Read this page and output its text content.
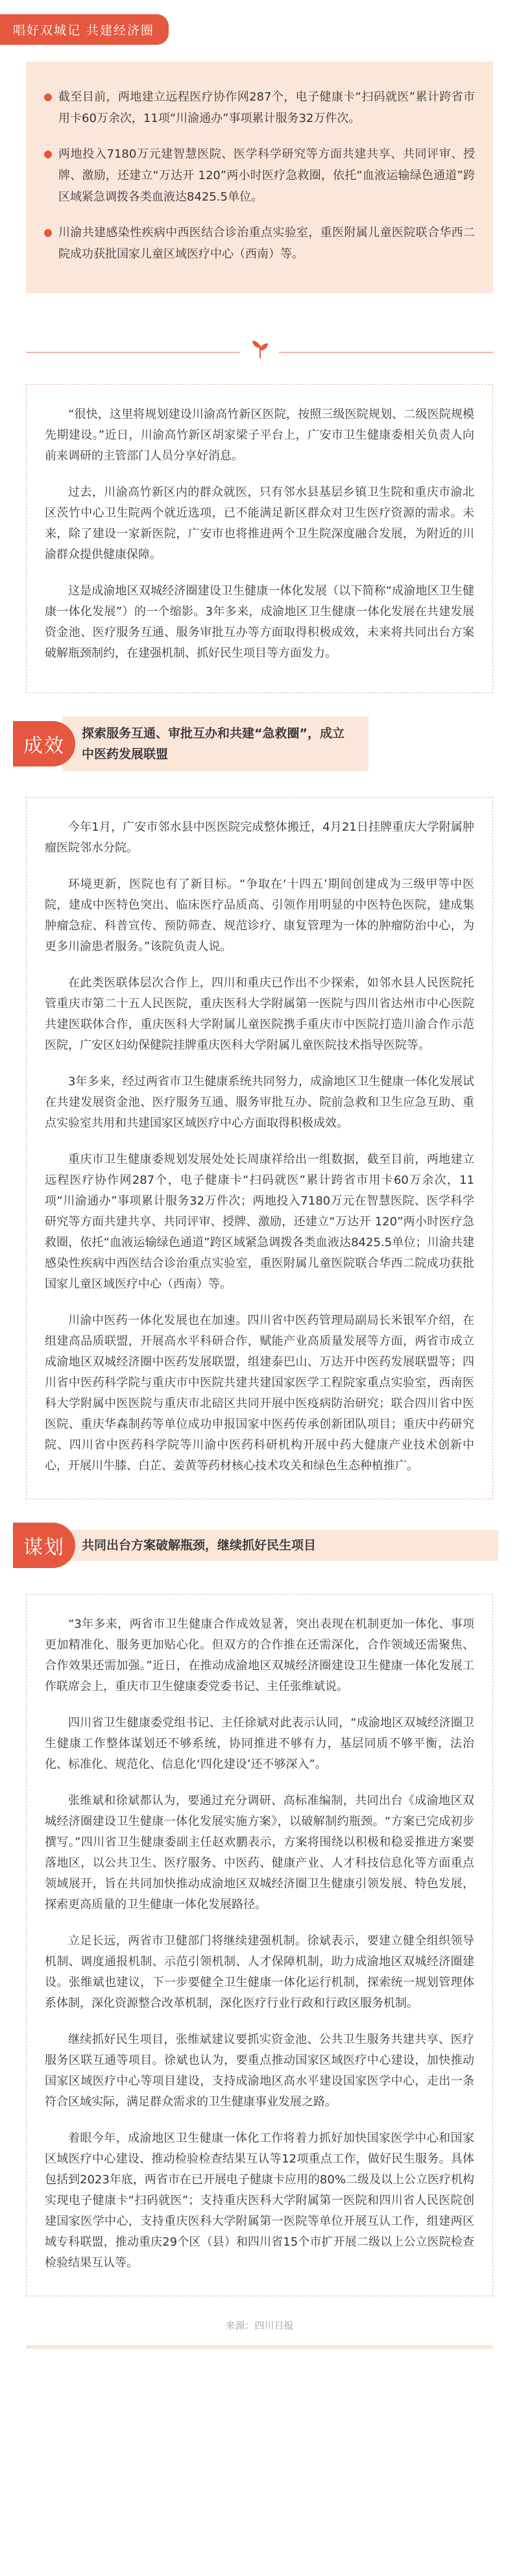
唱好双城记 共建经济圈
截至目前，两地建立远程医疗协作网287个，电子健康卡“扫码就医”累计跨省市用卡60万余次，11项“川渝通办”事项累计服务32万件次。
两地投入7180万元建智慧医院、医学科学研究等方面共建共享、共同评审、授牌、激励，还建立“万达开 120”两小时医疗急救圈，依托“血液运输绿色通道”跨区域紧急调拨各类血液达8425.5单位。
川渝共建感染性疾病中西医结合诊治重点实验室，重医附属儿童医院联合华西二院成功获批国家儿童区域医疗中心（西南）等。

“很快，这里将规划建设川渝高竹新区医院，按照三级医院规划、二级医院规模先期建设。”近日，川渝高竹新区胡家梁子平台上，广安市卫生健康委相关负责人向前来调研的主管部门人员分享好消息。

过去，川渝高竹新区内的群众就医，只有邻水县基层乡镇卫生院和重庆市渝北区茨竹中心卫生院两个就近选项，已不能满足新区群众对卫生医疗资源的需求。未来，除了建设一家新医院，广安市也将推进两个卫生院深度融合发展，为附近的川渝群众提供健康保障。

这是成渝地区双城经济圈建设卫生健康一体化发展（以下简称“成渝地区卫生健康一体化发展”）的一个缩影。3年多来，成渝地区卫生健康一体化发展在共建发展资金池、医疗服务互通、服务审批互办等方面取得积极成效，未来将共同出台方案破解瓶颈制约，在建强机制、抓好民生项目等方面发力。

成效
探索服务互通、审批互办和共建“急救圈”，成立中医药发展联盟

今年1月，广安市邻水县中医医院完成整体搬迁，4月21日挂牌重庆大学附属肿瘤医院邻水分院。

环境更新，医院也有了新目标。“争取在‘十四五’期间创建成为三级甲等中医院，建成中医特色突出、临床医疗品质高、引领作用明显的中医特色医院，建成集肿瘤急症、科普宣传、预防筛查、规范诊疗、康复管理为一体的肿瘤防治中心，为更多川渝患者服务。”该院负责人说。

在此类医联体层次合作上，四川和重庆已作出不少探索，如邻水县人民医院托管重庆市第二十五人民医院，重庆医科大学附属第一医院与四川省达州市中心医院共建医联体合作，重庆医科大学附属儿童医院携手重庆市中医院打造川渝合作示范医院，广安区妇幼保健院挂牌重庆医科大学附属儿童医院技术指导医院等。

3年多来，经过两省市卫生健康系统共同努力，成渝地区卫生健康一体化发展试在共建发展资金池、医疗服务互通、服务审批互办、院前急救和卫生应急互助、重点实验室共用和共建国家区域医疗中心方面取得积极成效。

重庆市卫生健康委规划发展处处长周康祥给出一组数据，截至目前，两地建立远程医疗协作网287个，电子健康卡“扫码就医”累计跨省市用卡60万余次，11项“川渝通办”事项累计服务32万件次；两地投入7180万元在智慧医院、医学科学研究等方面共建共享、共同评审、授牌、激励，还建立“万达开 120”两小时医疗急救圈，依托“血液运输绿色通道”跨区域紧急调拨各类血液达8425.5单位；川渝共建感染性疾病中西医结合诊治重点实验室，重医附属儿童医院联合华西二院成功获批国家儿童区域医疗中心（西南）等。

川渝中医药一体化发展也在加速。四川省中医药管理局副局长米银军介绍，在组建高品质联盟，开展高水平科研合作，赋能产业高质量发展等方面，两省市成立成渝地区双城经济圈中医药发展联盟，组建泰巴山、万达开中医药发展联盟等；四川省中医药科学院与重庆市中医院共建共建国家医学工程院家重点实验室，西南医科大学附属中医医院与重庆市北碚区共同开展中医疫病防治研究；联合四川省中医医院、重庆华森制药等单位成功申报国家中医药传承创新团队项目；重庆中药研究院、四川省中医药科学院等川渝中医药科研机构开展中药大健康产业技术创新中心，开展川牛膝、白芷、姜黄等药材核心技术攻关和绿色生态种植推广。

谋划	共同出台方案破解瓶颈，继续抓好民生项目

“3年多来，两省市卫生健康合作成效显著，突出表现在机制更加一体化、事项更加精准化、服务更加贴心化。但双方的合作推在还需深化，合作领域还需聚焦、合作效果还需加强。”近日，在推动成渝地区双城经济圈建设卫生健康一体化发展工作联席会上，重庆市卫生健康委党委书记、主任张维斌说。

四川省卫生健康委党组书记、主任徐斌对此表示认同，“成渝地区双城经济圈卫生健康工作整体谋划还不够系统，协同推进不够有力，基层同质不够平衡，法治化、标准化、规范化、信息化‘四化建设’还不够深入”。

张维斌和徐斌都认为，要通过充分调研、高标准编制，共同出台《成渝地区双城经济圈建设卫生健康一体化发展实施方案》，以破解制约瓶颈。“方案已完成初步撰写。”四川省卫生健康委副主任赵欢鹏表示，方案将围绕以积极和稳妥推进方案要落地区，以公共卫生、医疗服务、中医药、健康产业、人才科技信息化等方面重点领域展开，旨在共同加快推动成渝地区双城经济圈卫生健康引领发展、特色发展，探索更高质量的卫生健康一体化发展路径。

立足长远，两省市卫健部门将继续建强机制。徐斌表示，要建立健全组织领导机制、调度通报机制、示范引领机制、人才保障机制，助力成渝地区双城经济圈建设。张维斌也建议，下一步要健全卫生健康一体化运行机制，探索统一规划管理体系体制，深化资源整合改革机制，深化医疗行业行政和行政区服务机制。

继续抓好民生项目，张维斌建议要抓实资金池、公共卫生服务共建共享、医疗服务区联互通等项目。徐斌也认为，要重点推动国家区域医疗中心建设，加快推动国家区域医疗中心等项目建设，支持成渝地区高水平建设国家医学中心，走出一条符合区域实际，满足群众需求的卫生健康事业发展之路。

着眼今年，成渝地区卫生健康一体化工作将着力抓好加快国家医学中心和国家区域医疗中心建设、推动检验检查结果互认等12项重点工作，做好民生服务。具体包括到2023年底，两省市在已开展电子健康卡应用的80%二级及以上公立医疗机构实现电子健康卡“扫码就医”；支持重庆医科大学附属第一医院和四川省人民医院创建国家医学中心，支持重庆医科大学附属第一医院等单位开展互认工作，组建两区域专科联盟，推动重庆29个区（县）和四川省15个市扩开展二级以上公立医院检查检验结果互认等。

来源：四川日报
